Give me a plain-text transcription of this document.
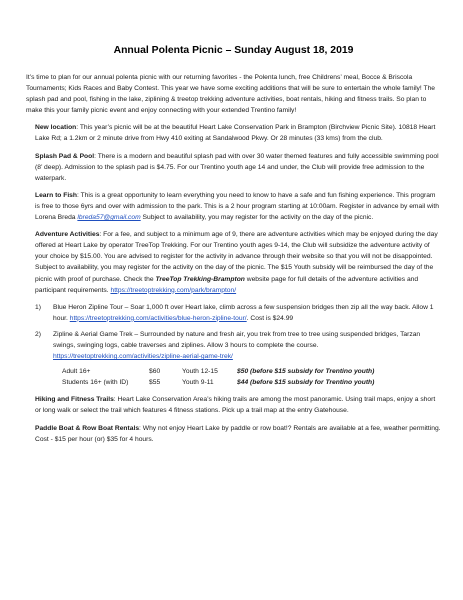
Annual Polenta Picnic – Sunday August 18, 2019

It’s time to plan for our annual polenta picnic with our returning favorites - the Polenta lunch, free Childrens’ meal, Bocce & Briscola Tournaments; Kids Races and Baby Contest. This year we have some exciting additions that will be sure to entertain the whole family! The splash pad and pool, fishing in the lake, ziplining & treetop trekking adventure activities, boat rentals, hiking and fitness trails. So plan to make this your family picnic event and enjoy connecting with your extended Trentino family!

New location: This year’s picnic will be at the beautiful Heart Lake Conservation Park in Brampton (Birchview Picnic Site). 10818 Heart Lake Rd; a 1.2km or 2 minute drive from Hwy 410 exiting at Sandalwood Pkwy. Or 28 minutes (33 kms) from the club.

Splash Pad & Pool: There is a modern and beautiful splash pad with over 30 water themed features and fully accessible swimming pool (8’ deep). Admission to the splash pad is $4.75. For our Trentino youth age 14 and under, the Club will provide free admission to the waterpark.

Learn to Fish: This is a great opportunity to learn everything you need to know to have a safe and fun fishing experience. This program is free to those 6yrs and over with admission to the park. This is a 2 hour program starting at 10:00am. Register in advance by email with Lorena Breda lbreda57@gmail.com Subject to availability, you may register for the activity on the day of the picnic.

Adventure Activities: For a fee, and subject to a minimum age of 9, there are adventure activities which may be enjoyed during the day offered at Heart Lake by operator TreeTop Trekking. For our Trentino youth ages 9-14, the Club will subsidize the adventure activity of your choice by $15.00. You are advised to register for the activity in advance through their website so that you will not be disappointed. Subject to availability, you may register for the activity on the day of the picnic. The $15 Youth subsidy will be reimbursed the day of the picnic with proof of purchase. Check the TreeTop Trekking-Brampton website page for full details of the adventure activities and participant requirements. https://treetoptrekking.com/park/brampton/

1) Blue Heron Zipline Tour – Soar 1,000 ft over Heart lake, climb across a few suspension bridges then zip all the way back. Allow 1 hour. https://treetoptrekking.com/activities/blue-heron-zipline-tour/. Cost is $24.99
2) Zipline & Aerial Game Trek – Surrounded by nature and fresh air, you trek from tree to tree using suspended bridges, Tarzan swings, swinging logs, cable traverses and ziplines. Allow 3 hours to complete the course. https://treetoptrekking.com/activities/zipline-aerial-game-trek/
Adult 16+	$60	Youth 12-15	$50 (before $15 subsidy for Trentino youth)
Students 16+ (with ID)	$55	Youth 9-11	$44 (before $15 subsidy for Trentino youth)

Hiking and Fitness Trails: Heart Lake Conservation Area’s hiking trails are among the most panoramic. Using trail maps, enjoy a short or long walk or select the trail which features 4 fitness stations. Pick up a trail map at the entry Gatehouse.

Paddle Boat & Row Boat Rentals: Why not enjoy Heart Lake by paddle or row boat!? Rentals are available at a fee, weather permitting. Cost - $15 per hour (or) $35 for 4 hours.
